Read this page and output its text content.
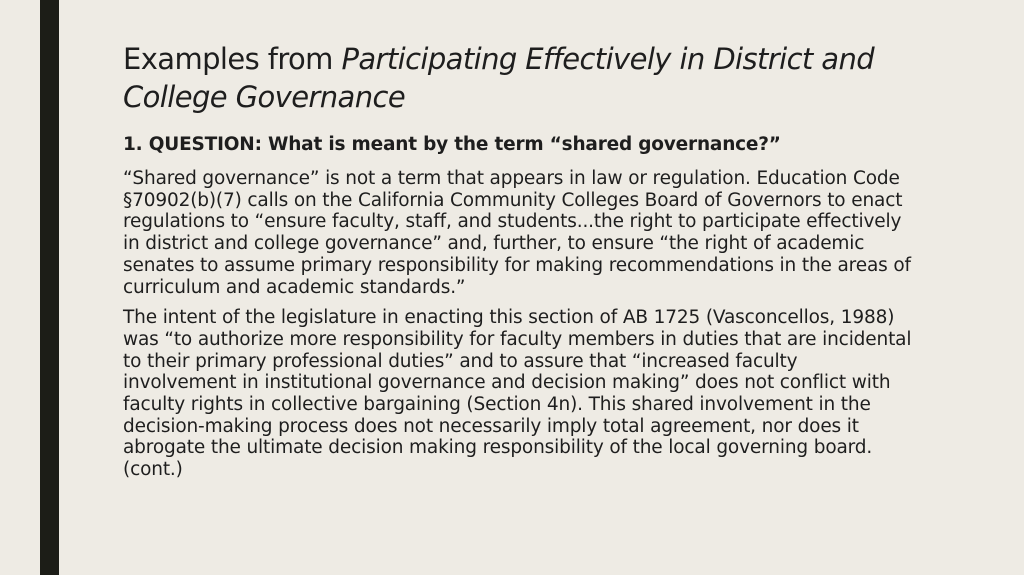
Examples from Participating Effectively in District and College Governance

1. QUESTION: What is meant by the term “shared governance?”

“Shared governance” is not a term that appears in law or regulation. Education Code §70902(b)(7) calls on the California Community Colleges Board of Governors to enact regulations to “ensure faculty, staff, and students...the right to participate effectively in district and college governance” and, further, to ensure “the right of academic senates to assume primary responsibility for making recommendations in the areas of curriculum and academic standards.”

The intent of the legislature in enacting this section of AB 1725 (Vasconcellos, 1988) was “to authorize more responsibility for faculty members in duties that are incidental to their primary professional duties” and to assure that “increased faculty involvement in institutional governance and decision making” does not conflict with faculty rights in collective bargaining (Section 4n). This shared involvement in the decision-making process does not necessarily imply total agreement, nor does it abrogate the ultimate decision making responsibility of the local governing board. (cont.)
